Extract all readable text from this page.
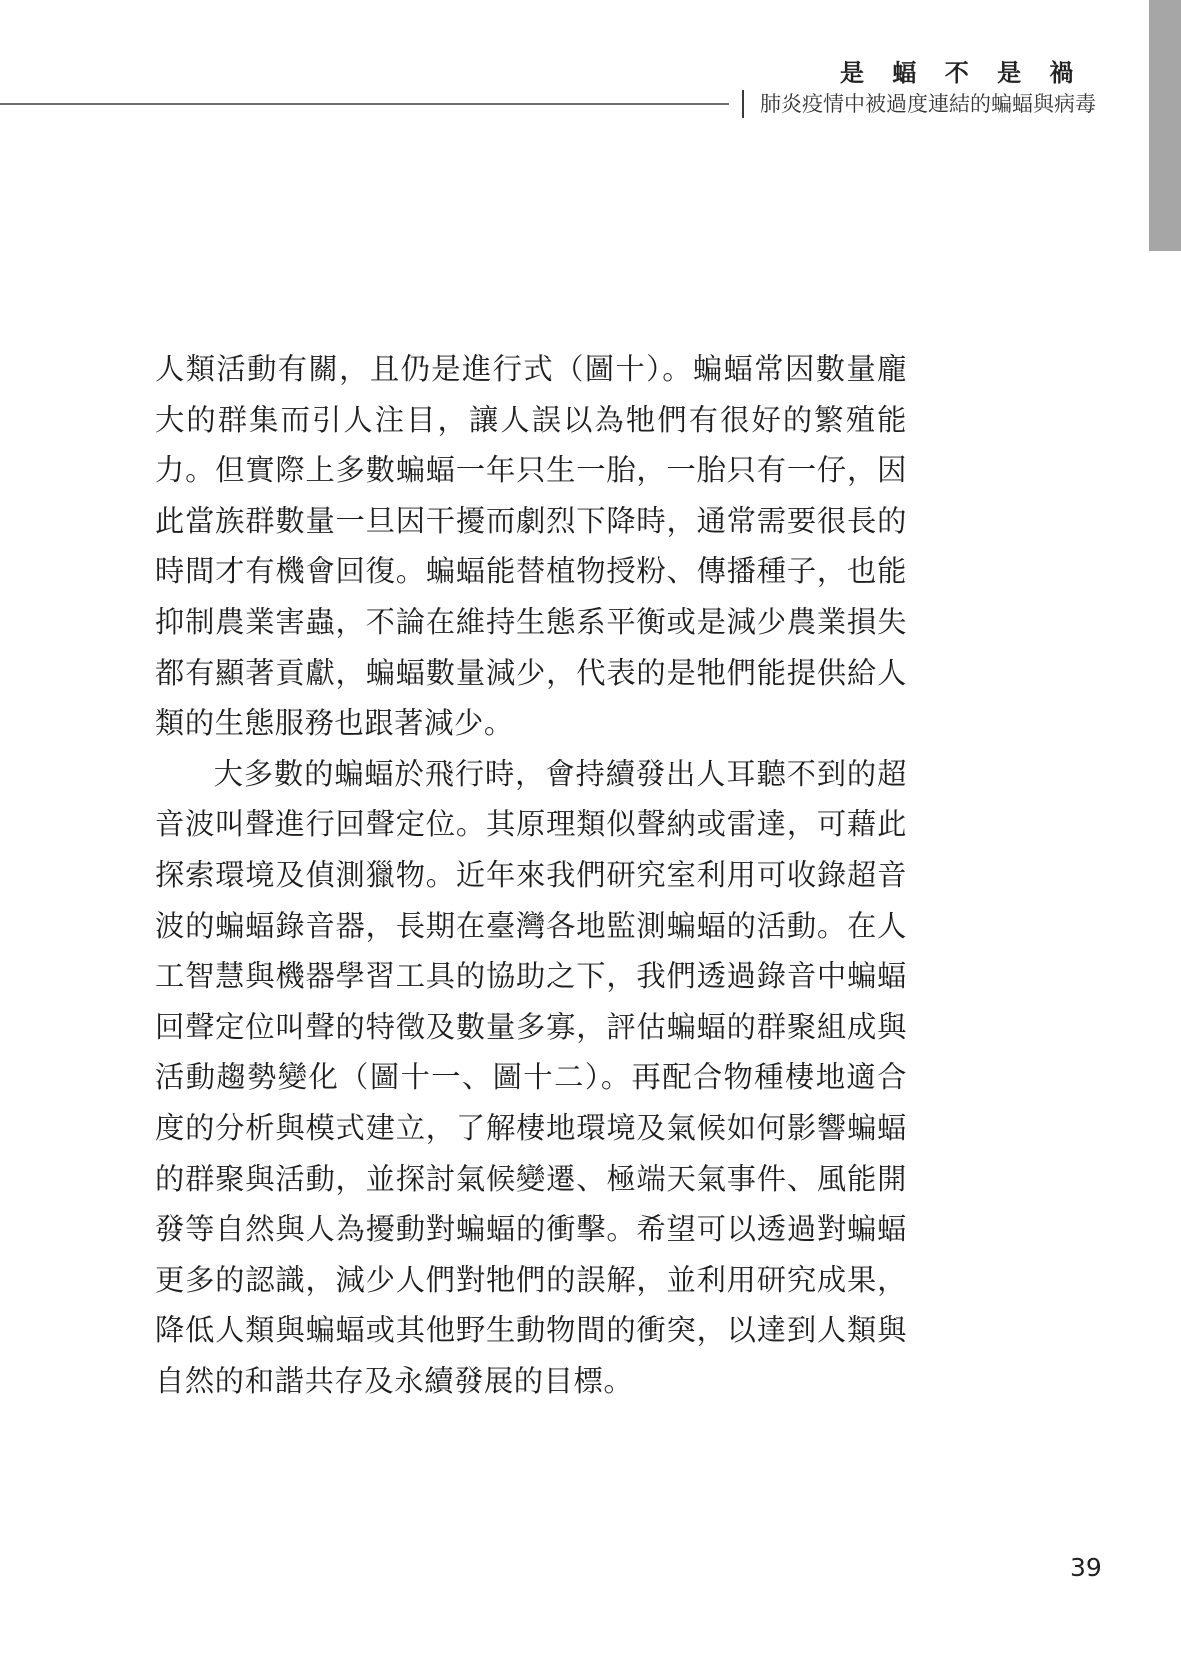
是 蝠 不 是 禍
肺炎疫情中被過度連結的蝙蝠與病毒

人類活動有關，且仍是進行式（圖十）。蝙蝠常因數量龐大的群集而引人注目，讓人誤以為牠們有很好的繁殖能力。但實際上多數蝙蝠一年只生一胎，一胎只有一仔，因此當族群數量一旦因干擾而劇烈下降時，通常需要很長的時間才有機會回復。蝙蝠能替植物授粉、傳播種子，也能抑制農業害蟲，不論在維持生態系平衡或是減少農業損失都有顯著貢獻，蝙蝠數量減少，代表的是牠們能提供給人類的生態服務也跟著減少。

大多數的蝙蝠於飛行時，會持續發出人耳聽不到的超音波叫聲進行回聲定位。其原理類似聲納或雷達，可藉此探索環境及偵測獵物。近年來我們研究室利用可收錄超音波的蝙蝠錄音器，長期在臺灣各地監測蝙蝠的活動。在人工智慧與機器學習工具的協助之下，我們透過錄音中蝙蝠回聲定位叫聲的特徵及數量多寡，評估蝙蝠的群聚組成與活動趨勢變化（圖十一、圖十二）。再配合物種棲地適合度的分析與模式建立，了解棲地環境及氣候如何影響蝙蝠的群聚與活動，並探討氣候變遷、極端天氣事件、風能開發等自然與人為擾動對蝙蝠的衝擊。希望可以透過對蝙蝠更多的認識，減少人們對牠們的誤解，並利用研究成果，降低人類與蝙蝠或其他野生動物間的衝突，以達到人類與自然的和諧共存及永續發展的目標。

39
